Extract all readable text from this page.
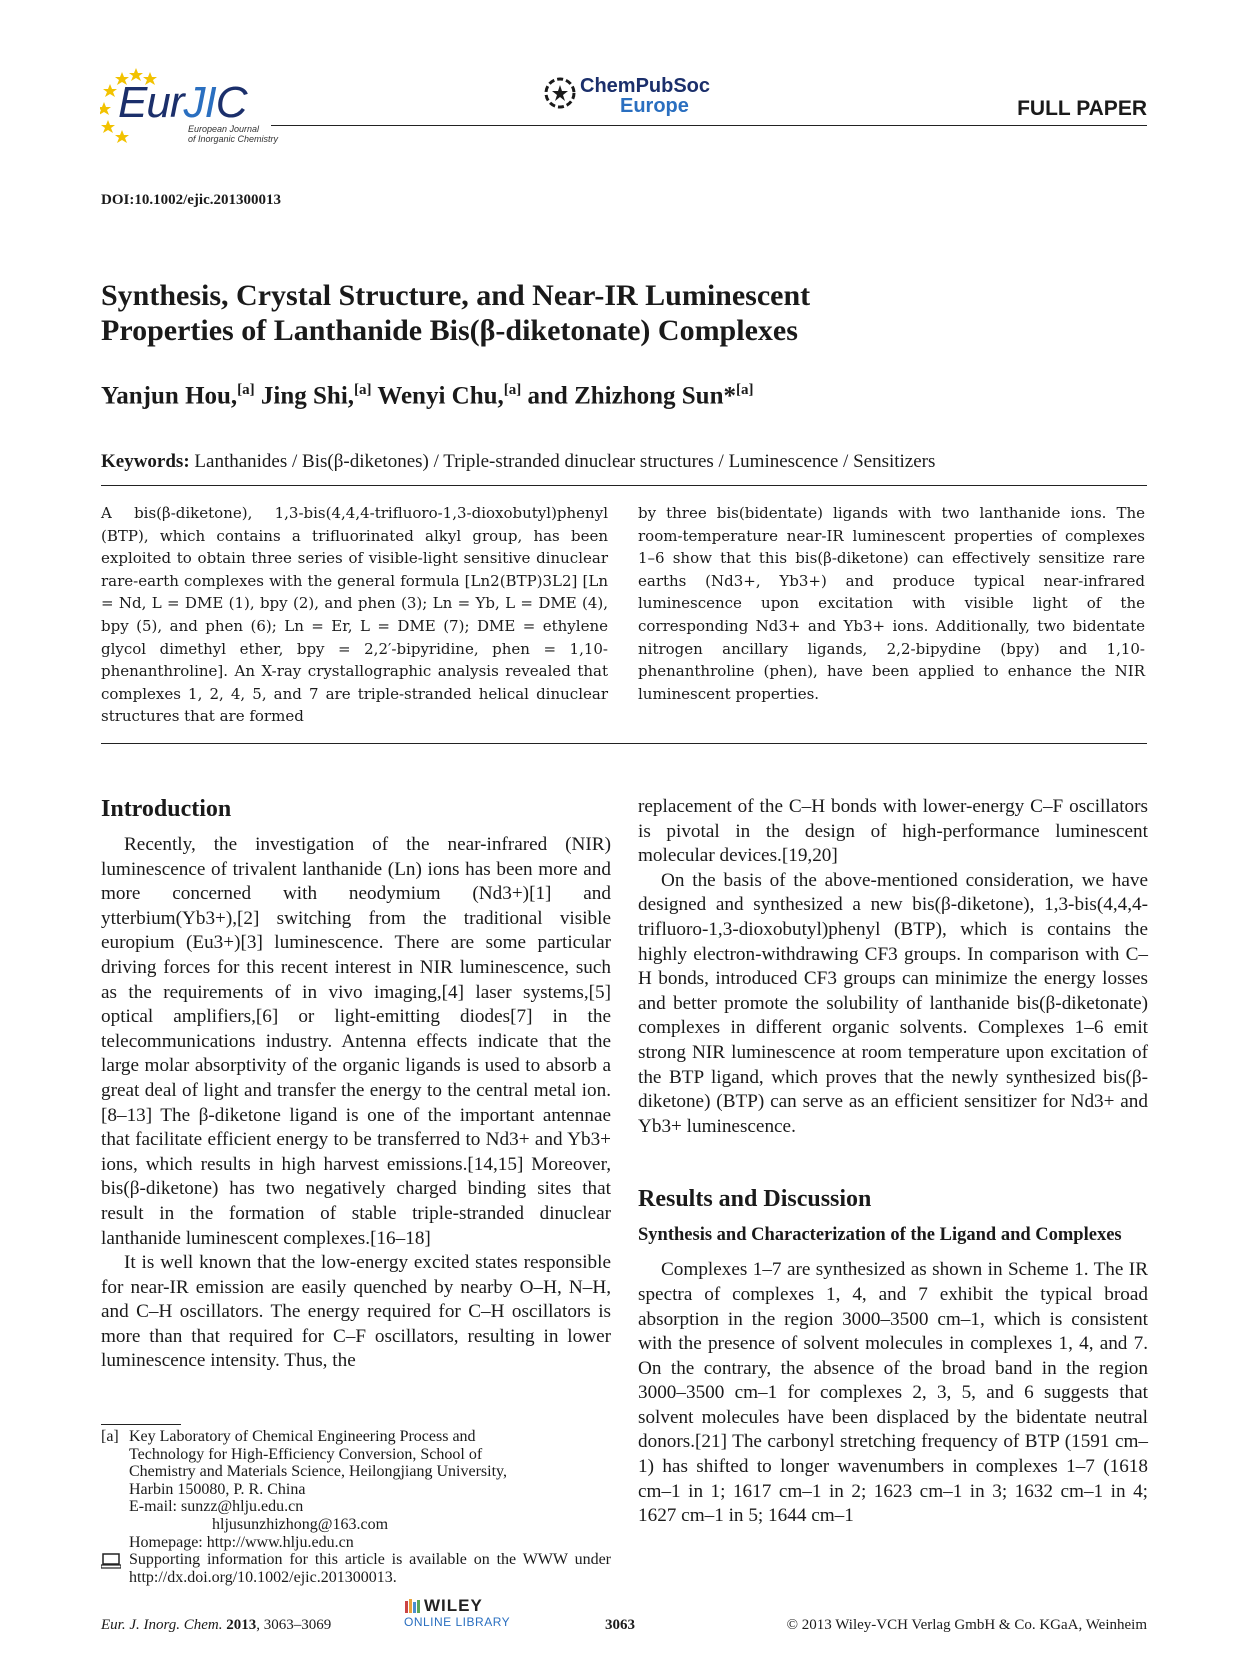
EurJIC
European Journal
of Inorganic Chemistry
ChemPubSoc
Europe	FULL PAPER
DOI:10.1002/ejic.201300013
Synthesis, Crystal Structure, and Near-IR Luminescent
Properties of Lanthanide Bis(β-diketonate) Complexes
Yanjun Hou,[a] Jing Shi,[a] Wenyi Chu,[a] and Zhizhong Sun*[a]
Keywords: Lanthanides / Bis(β-diketones) / Triple-stranded dinuclear structures / Luminescence / Sensitizers
A bis(β-diketone), 1,3-bis(4,4,4-trifluoro-1,3-dioxobutyl)phenyl (BTP), which contains a trifluorinated alkyl group, has been exploited to obtain three series of visible-light sensitive dinuclear rare-earth complexes with the general formula [Ln2(BTP)3L2] [Ln = Nd, L = DME (1), bpy (2), and phen (3); Ln = Yb, L = DME (4), bpy (5), and phen (6); Ln = Er, L = DME (7); DME = ethylene glycol dimethyl ether, bpy = 2,2′-bipyridine, phen = 1,10-phenanthroline]. An X-ray crystallographic analysis revealed that complexes 1, 2, 4, 5, and 7 are triple-stranded helical dinuclear structures that are formed
by three bis(bidentate) ligands with two lanthanide ions. The room-temperature near-IR luminescent properties of complexes 1–6 show that this bis(β-diketone) can effectively sensitize rare earths (Nd3+, Yb3+) and produce typical near-infrared luminescence upon excitation with visible light of the corresponding Nd3+ and Yb3+ ions. Additionally, two bidentate nitrogen ancillary ligands, 2,2-bipydine (bpy) and 1,10-phenanthroline (phen), have been applied to enhance the NIR luminescent properties.
Introduction

Recently, the investigation of the near-infrared (NIR) luminescence of trivalent lanthanide (Ln) ions has been more and more concerned with neodymium (Nd3+)[1] and ytterbium(Yb3+),[2] switching from the traditional visible europium (Eu3+)[3] luminescence. There are some particular driving forces for this recent interest in NIR luminescence, such as the requirements of in vivo imaging,[4] laser systems,[5] optical amplifiers,[6] or light-emitting diodes[7] in the telecommunications industry. Antenna effects indicate that the large molar absorptivity of the organic ligands is used to absorb a great deal of light and transfer the energy to the central metal ion.[8–13] The β-diketone ligand is one of the important antennae that facilitate efficient energy to be transferred to Nd3+ and Yb3+ ions, which results in high harvest emissions.[14,15] Moreover, bis(β-diketone) has two negatively charged binding sites that result in the formation of stable triple-stranded dinuclear lanthanide luminescent complexes.[16–18]

It is well known that the low-energy excited states responsible for near-IR emission are easily quenched by nearby O–H, N–H, and C–H oscillators. The energy required for C–H oscillators is more than that required for C–F oscillators, resulting in lower luminescence intensity. Thus, the

replacement of the C–H bonds with lower-energy C–F oscillators is pivotal in the design of high-performance luminescent molecular devices.[19,20]

On the basis of the above-mentioned consideration, we have designed and synthesized a new bis(β-diketone), 1,3-bis(4,4,4-trifluoro-1,3-dioxobutyl)phenyl (BTP), which is contains the highly electron-withdrawing CF3 groups. In comparison with C–H bonds, introduced CF3 groups can minimize the energy losses and better promote the solubility of lanthanide bis(β-diketonate) complexes in different organic solvents. Complexes 1–6 emit strong NIR luminescence at room temperature upon excitation of the BTP ligand, which proves that the newly synthesized bis(β-diketone) (BTP) can serve as an efficient sensitizer for Nd3+ and Yb3+ luminescence.

Results and Discussion
Synthesis and Characterization of the Ligand and Complexes

Complexes 1–7 are synthesized as shown in Scheme 1. The IR spectra of complexes 1, 4, and 7 exhibit the typical broad absorption in the region 3000–3500 cm–1, which is consistent with the presence of solvent molecules in complexes 1, 4, and 7. On the contrary, the absence of the broad band in the region 3000–3500 cm–1 for complexes 2, 3, 5, and 6 suggests that solvent molecules have been displaced by the bidentate neutral donors.[21] The carbonyl stretching frequency of BTP (1591 cm–1) has shifted to longer wavenumbers in complexes 1–7 (1618 cm–1 in 1; 1617 cm–1 in 2; 1623 cm–1 in 3; 1632 cm–1 in 4; 1627 cm–1 in 5; 1644 cm–1

[a] Key Laboratory of Chemical Engineering Process and
Technology for High-Efficiency Conversion, School of
Chemistry and Materials Science, Heilongjiang University,
Harbin 150080, P. R. China
E-mail: sunzz@hlju.edu.cn
hljusunzhizhong@163.com
Homepage: http://www.hlju.edu.cn
Supporting information for this article is available on the WWW under http://dx.doi.org/10.1002/ejic.201300013.
Eur. J. Inorg. Chem. 2013, 3063–3069	3063	© 2013 Wiley-VCH Verlag GmbH & Co. KGaA, Weinheim
WILEY
ONLINE LIBRARY
